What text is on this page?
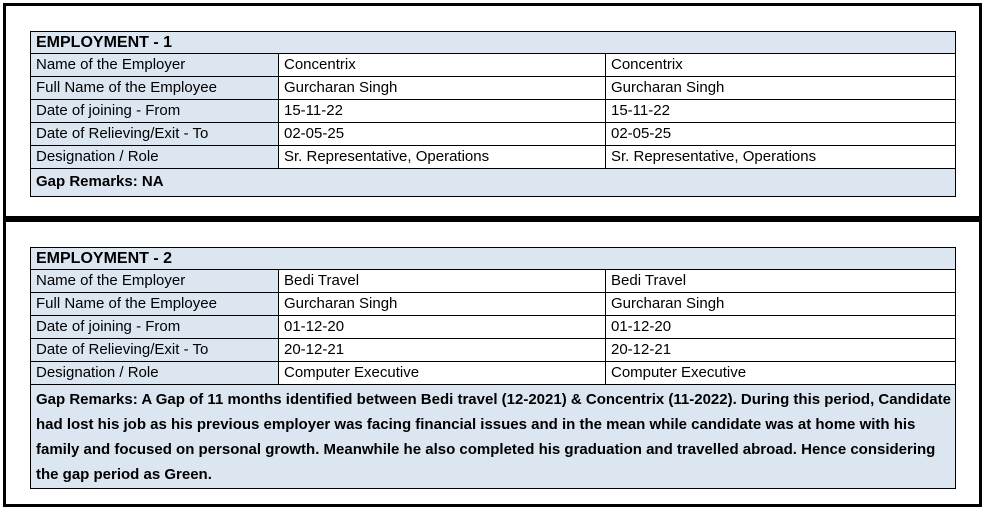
EMPLOYMENT - 1		
Name of the Employer	Concentrix	Concentrix
Full Name of the Employee	Gurcharan Singh	Gurcharan Singh
Date of joining - From	15-11-22	15-11-22
Date of Relieving/Exit - To	02-05-25	02-05-25
Designation / Role	Sr. Representative, Operations	Sr. Representative, Operations
Gap Remarks: NA		
EMPLOYMENT - 2		
Name of the Employer	Bedi Travel	Bedi Travel
Full Name of the Employee	Gurcharan Singh	Gurcharan Singh
Date of joining - From	01-12-20	01-12-20
Date of Relieving/Exit - To	20-12-21	20-12-21
Designation / Role	Computer Executive	Computer Executive
Gap Remarks: A Gap of 11 months identified between Bedi travel (12-2021) & Concentrix (11-2022). During this period, Candidate had lost his job as his previous employer was facing financial issues and in the mean while candidate was at home with his family and focused on personal growth. Meanwhile he also completed his graduation and travelled abroad. Hence considering the gap period as Green.		
